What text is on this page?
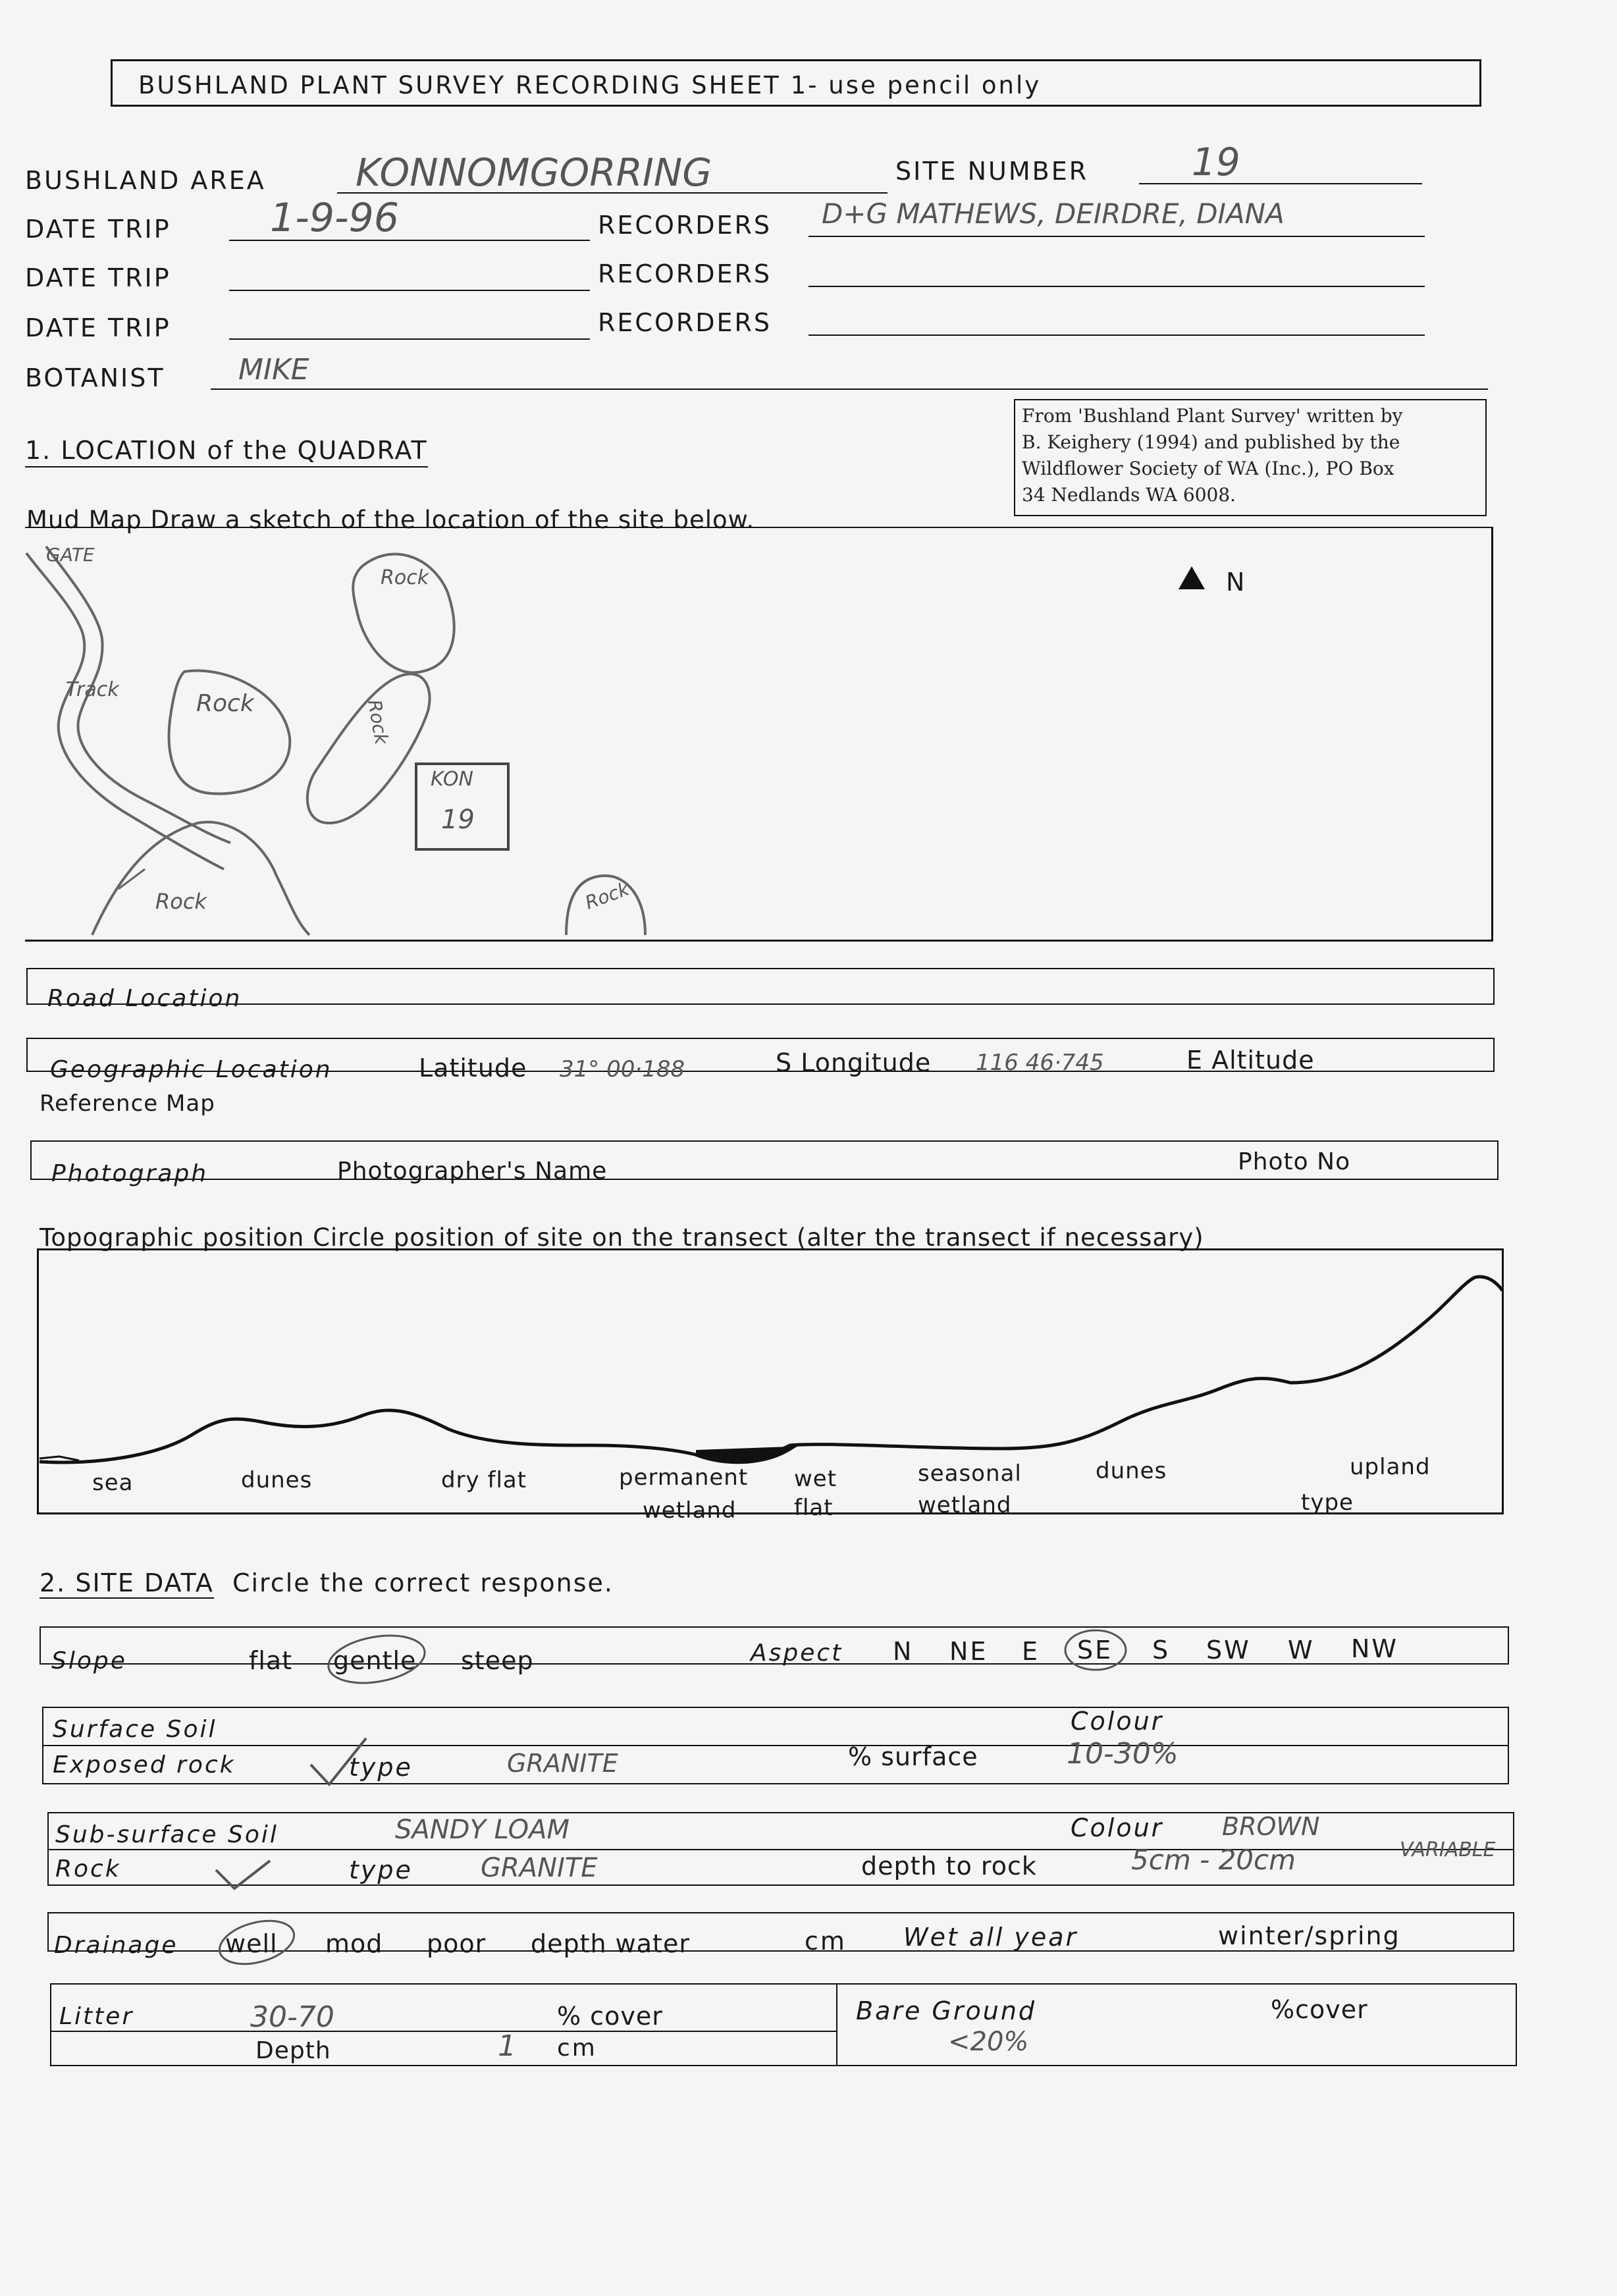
BUSHLAND PLANT SURVEY RECORDING SHEET 1- use pencil only
BUSHLAND AREA KONNOMGORRING	SITE NUMBER	19
DATE TRIP	1-9-96	RECORDERS D+G MATHEWS, DEIRDRE, DIANA
DATE TRIP	RECORDERS
DATE TRIP	RECORDERS
BOTANIST	MIKE
From 'Bushland Plant Survey' written by
B. Keighery (1994) and published by the
Wildflower Society of WA (Inc.), PO Box
34 Nedlands WA 6008.
1. LOCATION of the QUADRAT
Mud Map Draw a sketch of the location of the site below.
GATE
Track
Rock
Rock	Rock
Rock	Rock
KON
19
N
Road Location
Geographic Location	Latitude 31° 00·188	S Longitude 116 46·745	E Altitude
Reference Map
Photograph	Photographer's Name	Photo No
Topographic position Circle position of site on the transect (alter the transect if necessary)
sea	dunes	dry flat	permanent
wetland
wet
flat
seasonal
wetland
dunes	upland
type
2. SITE DATA Circle the correct response.
Slope	flat gentle steep	Aspect N NE E SE S SW W NW
Surface Soil	Colour
Exposed rock	type	GRANITE	% surface	10-30%
Sub-surface Soil	SANDY LOAM	Colour BROWN
Rock	type	GRANITE	depth to rock	5cm - 20cm	VARIABLE
Drainage well mod poor depth water	cm Wet all year	winter/spring
Litter	30-70	% cover
Depth	1 cm
Bare Ground
<20%
%cover
